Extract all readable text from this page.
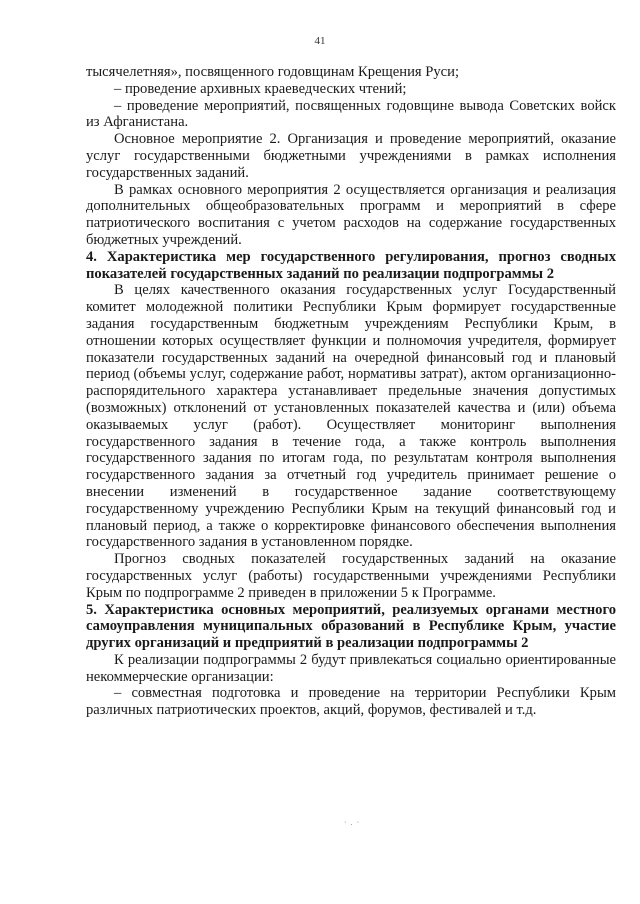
41

тысячелетняя», посвященного годовщинам Крещения Руси;

– проведение архивных краеведческих чтений;

– проведение мероприятий, посвященных годовщине вывода Советских войск из Афганистана.

Основное мероприятие 2. Организация и проведение мероприятий, оказание услуг государственными бюджетными учреждениями в рамках исполнения государственных заданий.

В рамках основного мероприятия 2 осуществляется организация и реализация дополнительных общеобразовательных программ и мероприятий в сфере патриотического воспитания с учетом расходов на содержание государственных бюджетных учреждений.

4. Характеристика мер государственного регулирования, прогноз сводных показателей государственных заданий по реализации подпрограммы 2

В целях качественного оказания государственных услуг Государственный комитет молодежной политики Республики Крым формирует государственные задания государственным бюджетным учреждениям Республики Крым, в отношении которых осуществляет функции и полномочия учредителя, формирует показатели государственных заданий на очередной финансовый год и плановый период (объемы услуг, содержание работ, нормативы затрат), актом организационно-распорядительного характера устанавливает предельные значения допустимых (возможных) отклонений от установленных показателей качества и (или) объема оказываемых услуг (работ). Осуществляет мониторинг выполнения государственного задания в течение года, а также контроль выполнения государственного задания по итогам года, по результатам контроля выполнения государственного задания за отчетный год учредитель принимает решение о внесении изменений в государственное задание соответствующему государственному учреждению Республики Крым на текущий финансовый год и плановый период, а также о корректировке финансового обеспечения выполнения государственного задания в установленном порядке.

Прогноз сводных показателей государственных заданий на оказание государственных услуг (работы) государственными учреждениями Республики Крым по подпрограмме 2 приведен в приложении 5 к Программе.

5. Характеристика основных мероприятий, реализуемых органами местного самоуправления муниципальных образований в Республике Крым, участие других организаций и предприятий в реализации подпрограммы 2

К реализации подпрограммы 2 будут привлекаться социально ориентированные некоммерческие организации:

– совместная подготовка и проведение на территории Республики Крым различных патриотических проектов, акций, форумов, фестивалей и т.д.

· . ·
